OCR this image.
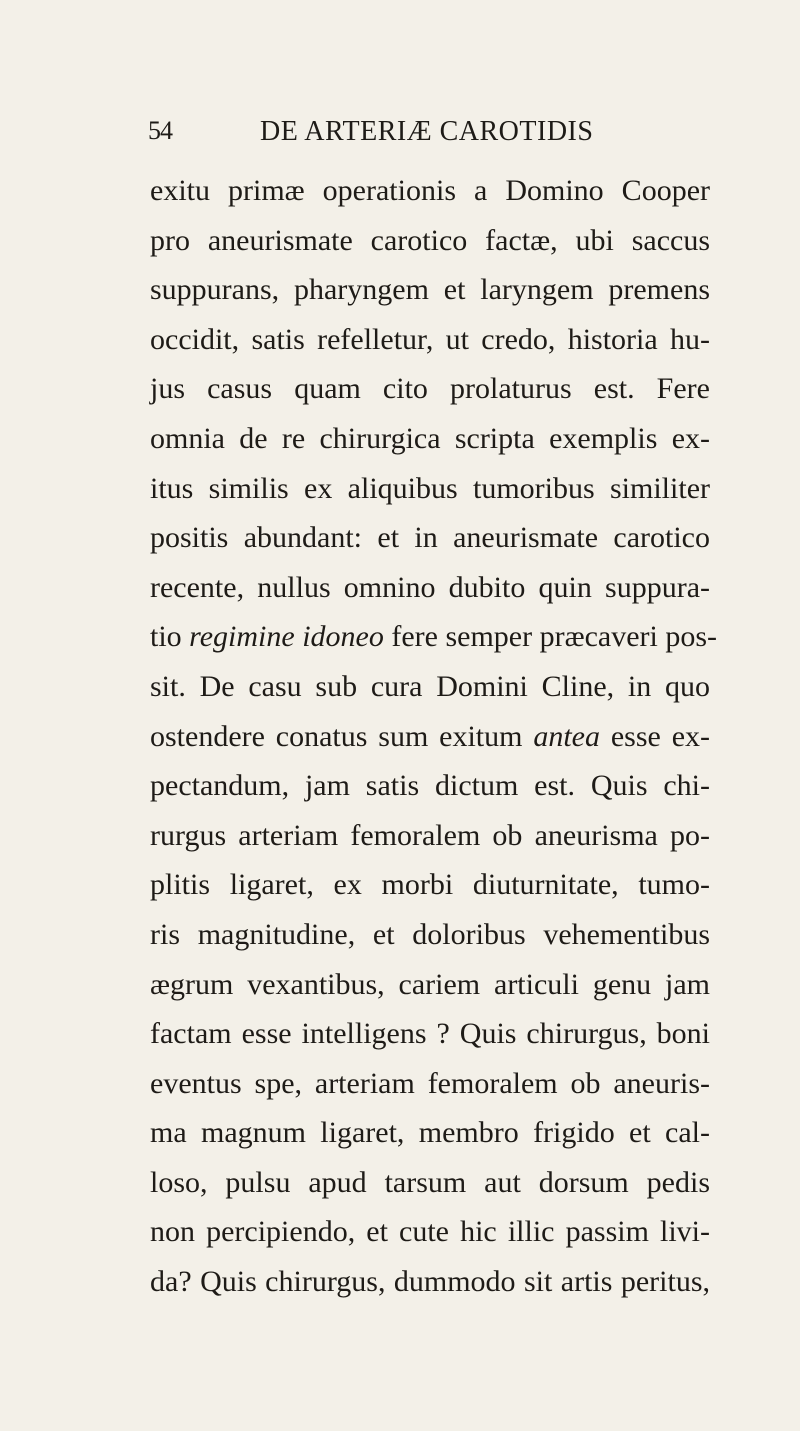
54	DE ARTERIÆ CAROTIDIS
exitu primæ operationis a Domino Cooper
pro aneurismate carotico factæ, ubi saccus
suppurans, pharyngem et laryngem premens
occidit, satis refelletur, ut credo, historia hu-
jus casus quam cito prolaturus est. Fere
omnia de re chirurgica scripta exemplis ex-
itus similis ex aliquibus tumoribus similiter
positis abundant: et in aneurismate carotico
recente, nullus omnino dubito quin suppura-
tio regimine idoneo fere semper præcaveri pos-
sit. De casu sub cura Domini Cline, in quo
ostendere conatus sum exitum antea esse ex-
pectandum, jam satis dictum est. Quis chi-
rurgus arteriam femoralem ob aneurisma po-
plitis ligaret, ex morbi diuturnitate, tumo-
ris magnitudine, et doloribus vehementibus
ægrum vexantibus, cariem articuli genu jam
factam esse intelligens ? Quis chirurgus, boni
eventus spe, arteriam femoralem ob aneuris-
ma magnum ligaret, membro frigido et cal-
loso, pulsu apud tarsum aut dorsum pedis
non percipiendo, et cute hic illic passim livi-
da? Quis chirurgus, dummodo sit artis peritus,
